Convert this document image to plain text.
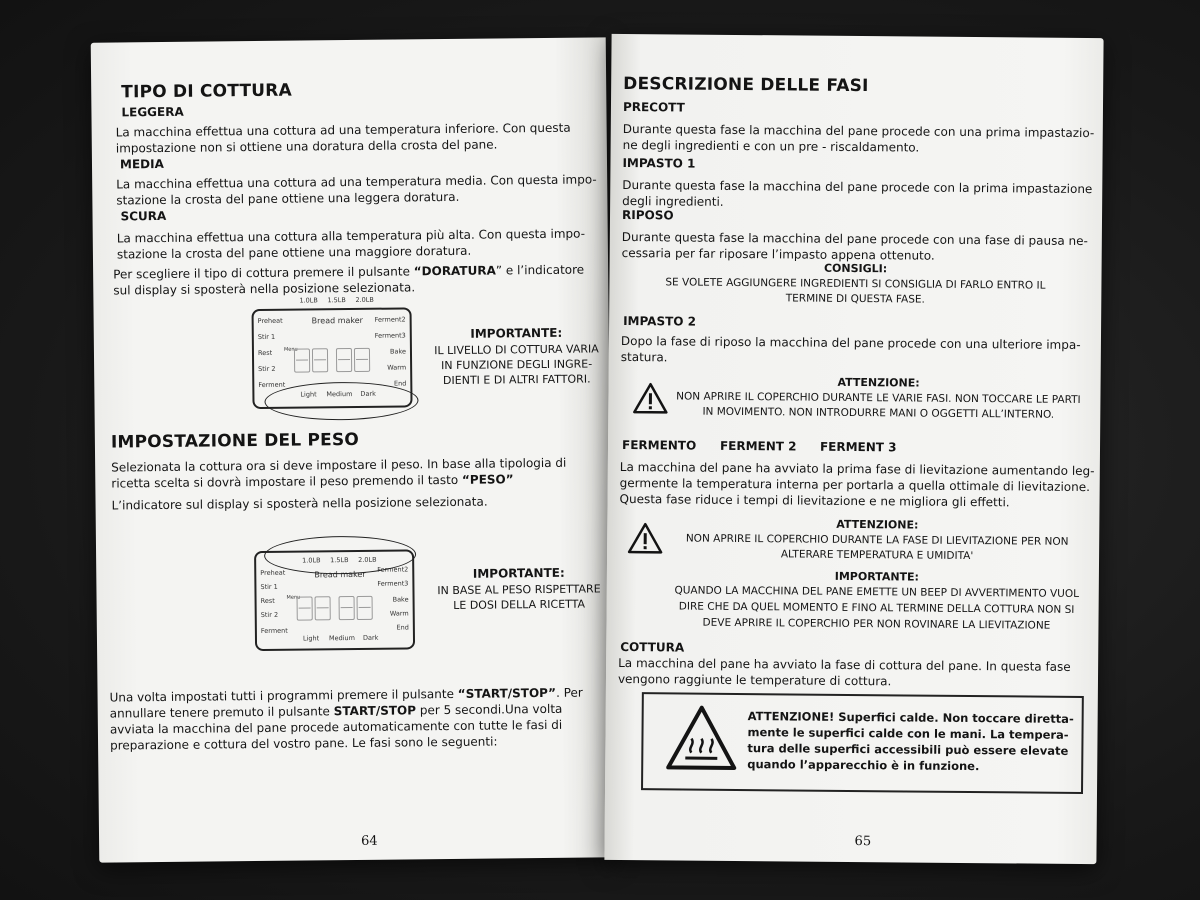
TIPO DI COTTURA

LEGGERA

La macchina effettua una cottura ad una temperatura inferiore. Con questa

impostazione non si ottiene una doratura della crosta del pane.

MEDIA

La macchina effettua una cottura ad una temperatura media. Con questa impo-

stazione la crosta del pane ottiene una leggera doratura.

SCURA

La macchina effettua una cottura alla temperatura più alta. Con questa impo-

stazione la crosta del pane ottiene una maggiore doratura.

Per scegliere il tipo di cottura premere il pulsante “DORATURA” e l’indicatore

sul display si sposterà nella posizione selezionata.

1.0LB 1.5LB 2.0LB
Bread maker
Preheat
Stir 1
Rest
Stir 2
Ferment
Menu
Ferment2
Ferment3
Bake
Warm
End
Light Medium Dark

IMPORTANTE:

IL LIVELLO DI COTTURA VARIA

IN FUNZIONE DEGLI INGRE-

DIENTI E DI ALTRI FATTORI.

IMPOSTAZIONE DEL PESO

Selezionata la cottura ora si deve impostare il peso. In base alla tipologia di

ricetta scelta si dovrà impostare il peso premendo il tasto “PESO”

L’indicatore sul display si sposterà nella posizione selezionata.

1.0LB 1.5LB 2.0LB
Bread maker
Preheat
Stir 1
Rest
Stir 2
Ferment
Menu
Ferment2
Ferment3
Bake
Warm
End
Light Medium Dark

IMPORTANTE:

IN BASE AL PESO RISPETTARE

LE DOSI DELLA RICETTA

Una volta impostati tutti i programmi premere il pulsante “START/STOP”. Per

annullare tenere premuto il pulsante START/STOP per 5 secondi.Una volta

avviata la macchina del pane procede automaticamente con tutte le fasi di

preparazione e cottura del vostro pane. Le fasi sono le seguenti:

64

DESCRIZIONE DELLE FASI

PRECOTT

Durante questa fase la macchina del pane procede con una prima impastazio-

ne degli ingredienti e con un pre - riscaldamento.

IMPASTO 1

Durante questa fase la macchina del pane procede con la prima impastazione

degli ingredienti.

RIPOSO

Durante questa fase la macchina del pane procede con una fase di pausa ne-

cessaria per far riposare l’impasto appena ottenuto.

CONSIGLI:

SE VOLETE AGGIUNGERE INGREDIENTI SI CONSIGLIA DI FARLO ENTRO IL

TERMINE DI QUESTA FASE.

IMPASTO 2

Dopo la fase di riposo la macchina del pane procede con una ulteriore impa-

statura.

ATTENZIONE:

NON APRIRE IL COPERCHIO DURANTE LE VARIE FASI. NON TOCCARE LE PARTI

IN MOVIMENTO. NON INTRODURRE MANI O OGGETTI ALL’INTERNO.

FERMENTO FERMENT 2 FERMENT 3

La macchina del pane ha avviato la prima fase di lievitazione aumentando leg-

germente la temperatura interna per portarla a quella ottimale di lievitazione.

Questa fase riduce i tempi di lievitazione e ne migliora gli effetti.

ATTENZIONE:

NON APRIRE IL COPERCHIO DURANTE LA FASE DI LIEVITAZIONE PER NON

ALTERARE TEMPERATURA E UMIDITA'

IMPORTANTE:

QUANDO LA MACCHINA DEL PANE EMETTE UN BEEP DI AVVERTIMENTO VUOL

DIRE CHE DA QUEL MOMENTO E FINO AL TERMINE DELLA COTTURA NON SI

DEVE APRIRE IL COPERCHIO PER NON ROVINARE LA LIEVITAZIONE

COTTURA

La macchina del pane ha avviato la fase di cottura del pane. In questa fase

vengono raggiunte le temperature di cottura.

ATTENZIONE! Superfici calde. Non toccare diretta-

mente le superfici calde con le mani. La tempera-

tura delle superfici accessibili può essere elevate

quando l’apparecchio è in funzione.

65
